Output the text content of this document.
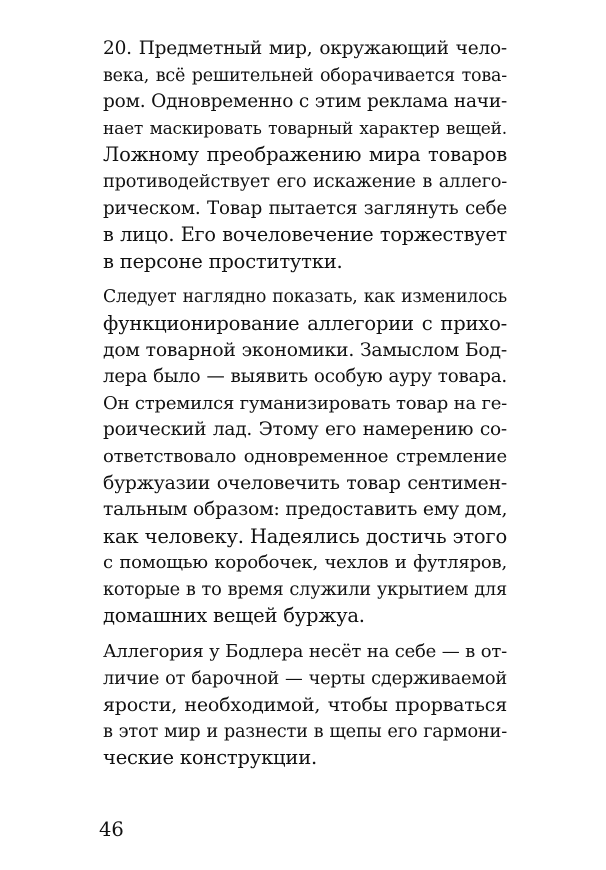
20. Предметный мир, окружающий чело-
века, всё решительней оборачивается това-
ром. Одновременно с этим реклама начи-
нает маскировать товарный характер вещей.
Ложному преображению мира товаров
противодействует его искажение в аллего-
рическом. Товар пытается заглянуть себе
в лицо. Его вочеловечение торжествует
в персоне проститутки.
Следует наглядно показать, как изменилось
функционирование аллегории с прихо-
дом товарной экономики. Замыслом Бод-
лера было — выявить особую ауру товара.
Он стремился гуманизировать товар на ге-
роический лад. Этому его намерению со-
ответствовало одновременное стремление
буржуазии очеловечить товар сентимен-
тальным образом: предоставить ему дом,
как человеку. Надеялись достичь этого
с помощью коробочек, чехлов и футляров,
которые в то время служили укрытием для
домашних вещей буржуа.
Аллегория у Бодлера несёт на себе — в от-
личие от барочной — черты сдерживаемой
ярости, необходимой, чтобы прорваться
в этот мир и разнести в щепы его гармони-
ческие конструкции.
46
